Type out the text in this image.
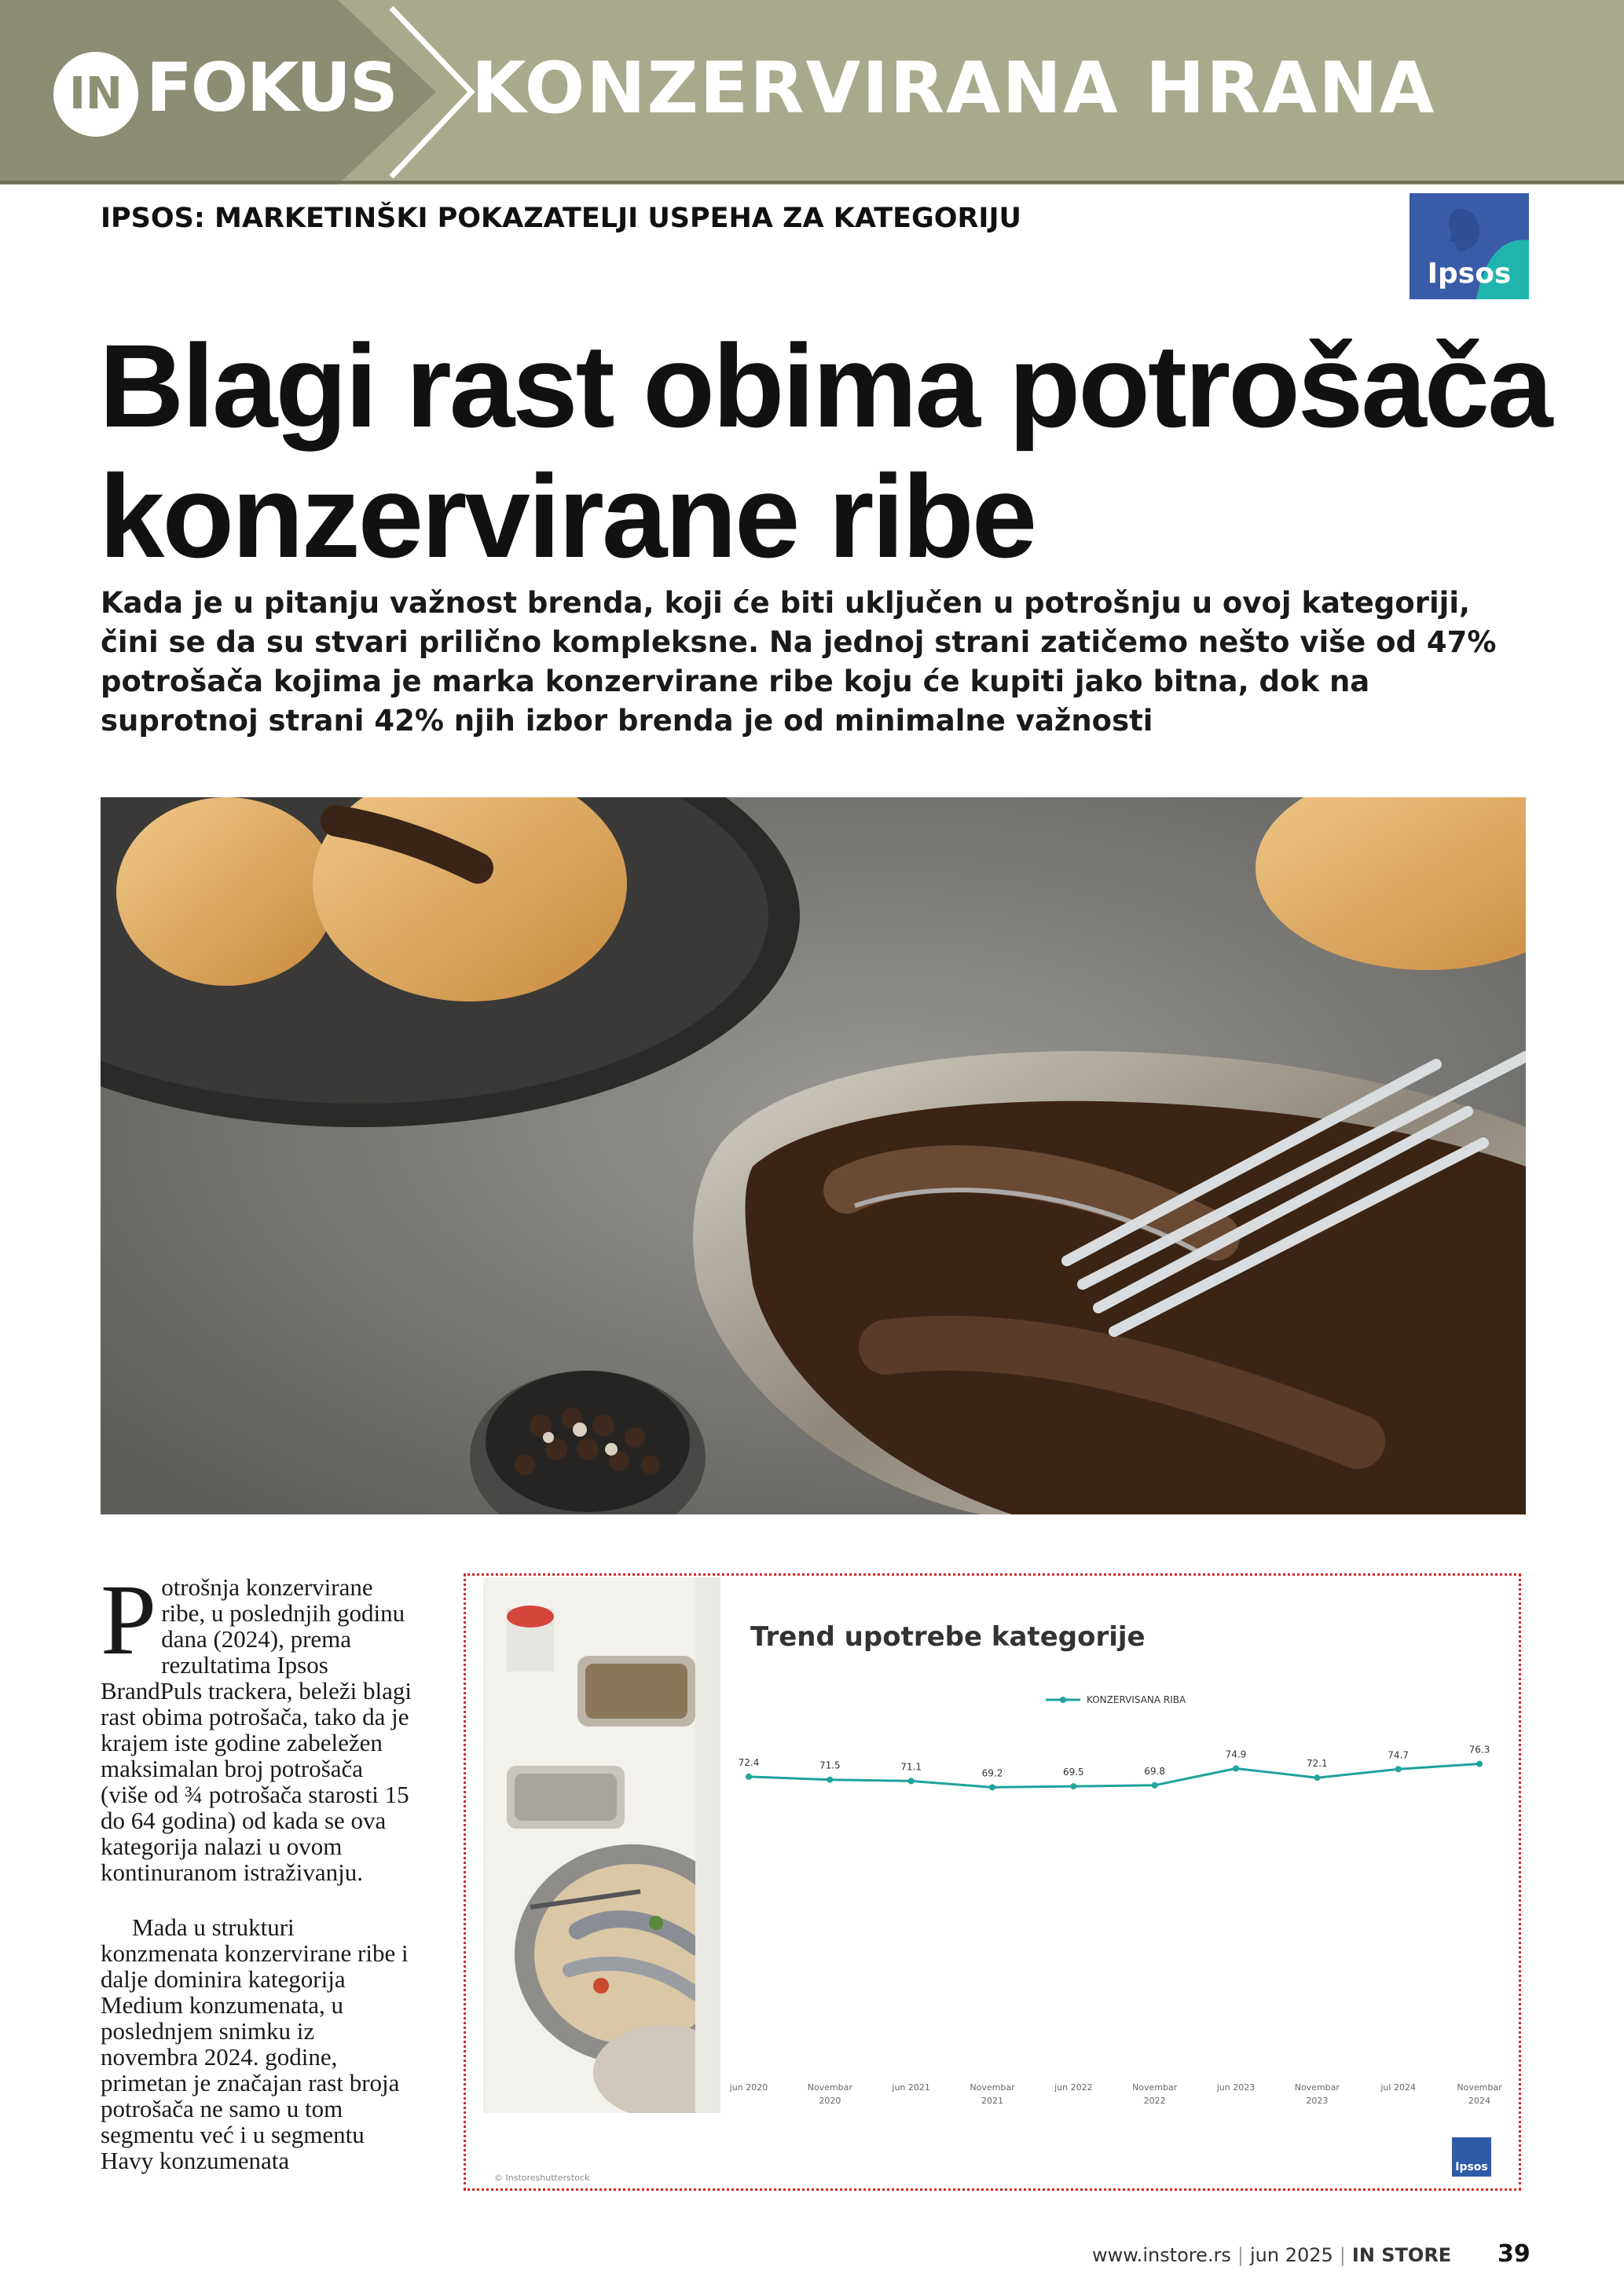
IN FOKUS KONZERVIRANA HRANA
IPSOS: MARKETINŠKI POKAZATELJI USPEHA ZA KATEGORIJU
Ipsos
Blagi rast obima potrošača
konzervirane ribe
Kada je u pitanju važnost brenda, koji će biti uključen u potrošnju u ovoj kategoriji, čini se da su stvari prilično kompleksne. Na jednoj strani zatičemo nešto više od 47% potrošača kojima je marka konzervirane ribe koju će kupiti jako bitna, dok na suprotnoj strani 42% njih izbor brenda je od minimalne važnosti

Potrošnja konzervirane ribe, u poslednjih godinu dana (2024), prema rezultatima Ipsos BrandPuls trackera, beleži blagi rast obima potrošača, tako da je krajem iste godine zabeležen maksimalan broj potrošača (više od ¾ potrošača starosti 15 do 64 godina) od kada se ova kategorija nalazi u ovom kontinuranom istraživanju.

Mada u strukturi konzmenata konzervirane ribe i dalje dominira kategorija Medium konzumenata, u poslednjem snimku iz novembra 2024. godine, primetan je značajan rast broja potrošača ne samo u tom segmentu već i u segmentu Havy konzumenata

© Instoreshutterstock
Trend upotrebe kategorije
KONZERVISANA RIBA
72.4	71.5	71.1
69.2	69.5	69.8
74.9
72.1
74.7	76.3
jun 2020	Novembar 2020
jun 2021	Novembar 2021
jun 2022	Novembar 2022
jun 2023	Novembar 2023
jul 2024	Novembar 2024
Ipsos
www.instore.rs | jun 2025 | IN STORE 39
